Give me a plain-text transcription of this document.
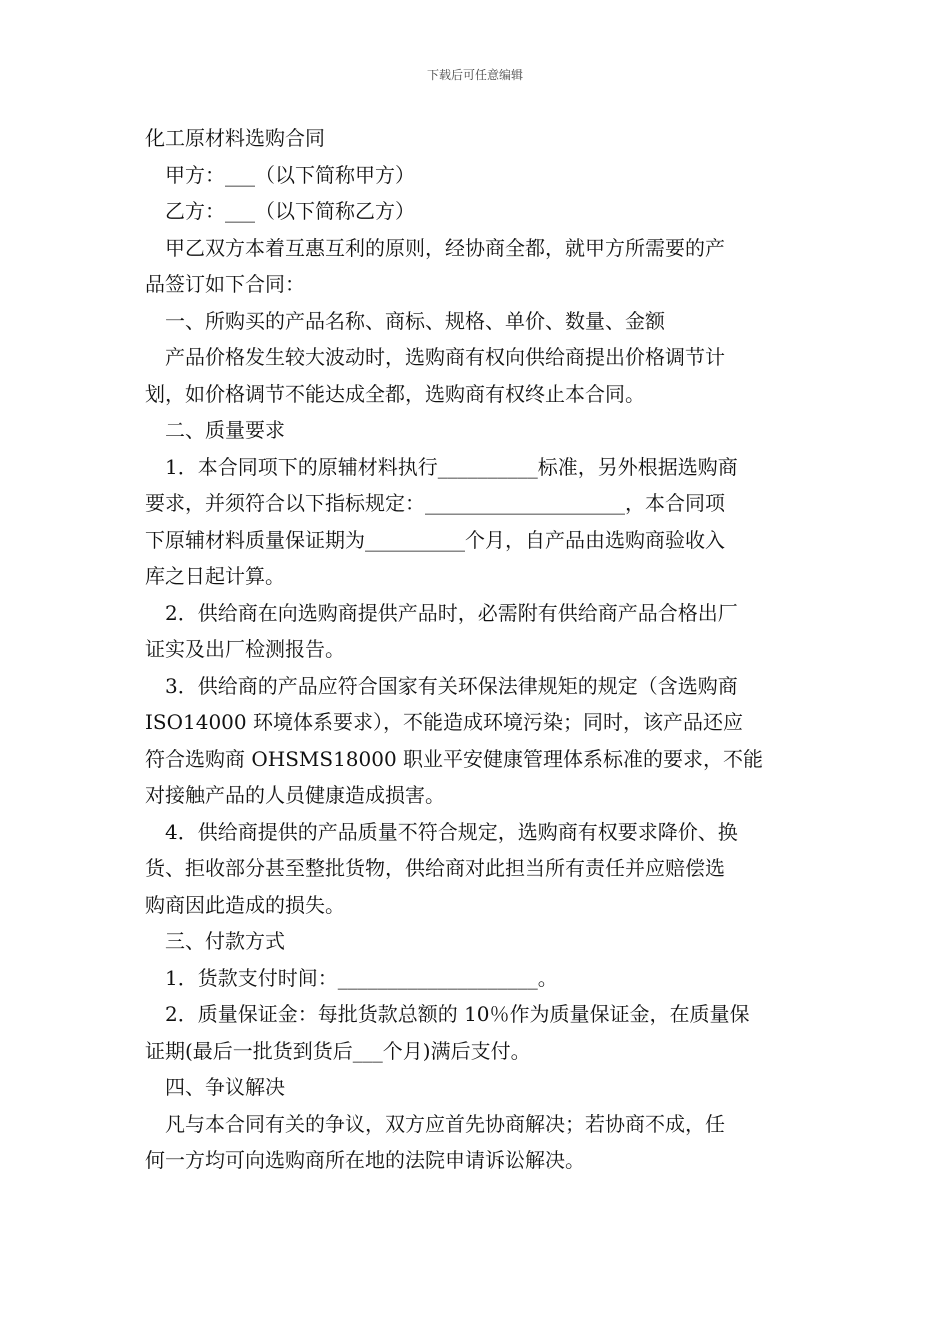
下载后可任意编辑
化工原材料选购合同
甲方：___（以下简称甲方）
乙方：___（以下简称乙方）
甲乙双方本着互惠互利的原则，经协商全都，就甲方所需要的产
品签订如下合同：
一、所购买的产品名称、商标、规格、单价、数量、金额
产品价格发生较大波动时，选购商有权向供给商提出价格调节计
划，如价格调节不能达成全都，选购商有权终止本合同。
二、质量要求
1．本合同项下的原辅材料执行__________标准，另外根据选购商
要求，并须符合以下指标规定：____________________，本合同项
下原辅材料质量保证期为__________个月，自产品由选购商验收入
库之日起计算。
2．供给商在向选购商提供产品时，必需附有供给商产品合格出厂
证实及出厂检测报告。
3．供给商的产品应符合国家有关环保法律规矩的规定（含选购商
ISO14000 环境体系要求），不能造成环境污染；同时，该产品还应
符合选购商 OHSMS18000 职业平安健康管理体系标准的要求，不能
对接触产品的人员健康造成损害。
4．供给商提供的产品质量不符合规定，选购商有权要求降价、换
货、拒收部分甚至整批货物，供给商对此担当所有责任并应赔偿选
购商因此造成的损失。
三、付款方式
1．货款支付时间：____________________。
2．质量保证金：每批货款总额的 10％作为质量保证金，在质量保
证期(最后一批货到货后___个月)满后支付。
四、争议解决
凡与本合同有关的争议，双方应首先协商解决；若协商不成，任
何一方均可向选购商所在地的法院申请诉讼解决。
